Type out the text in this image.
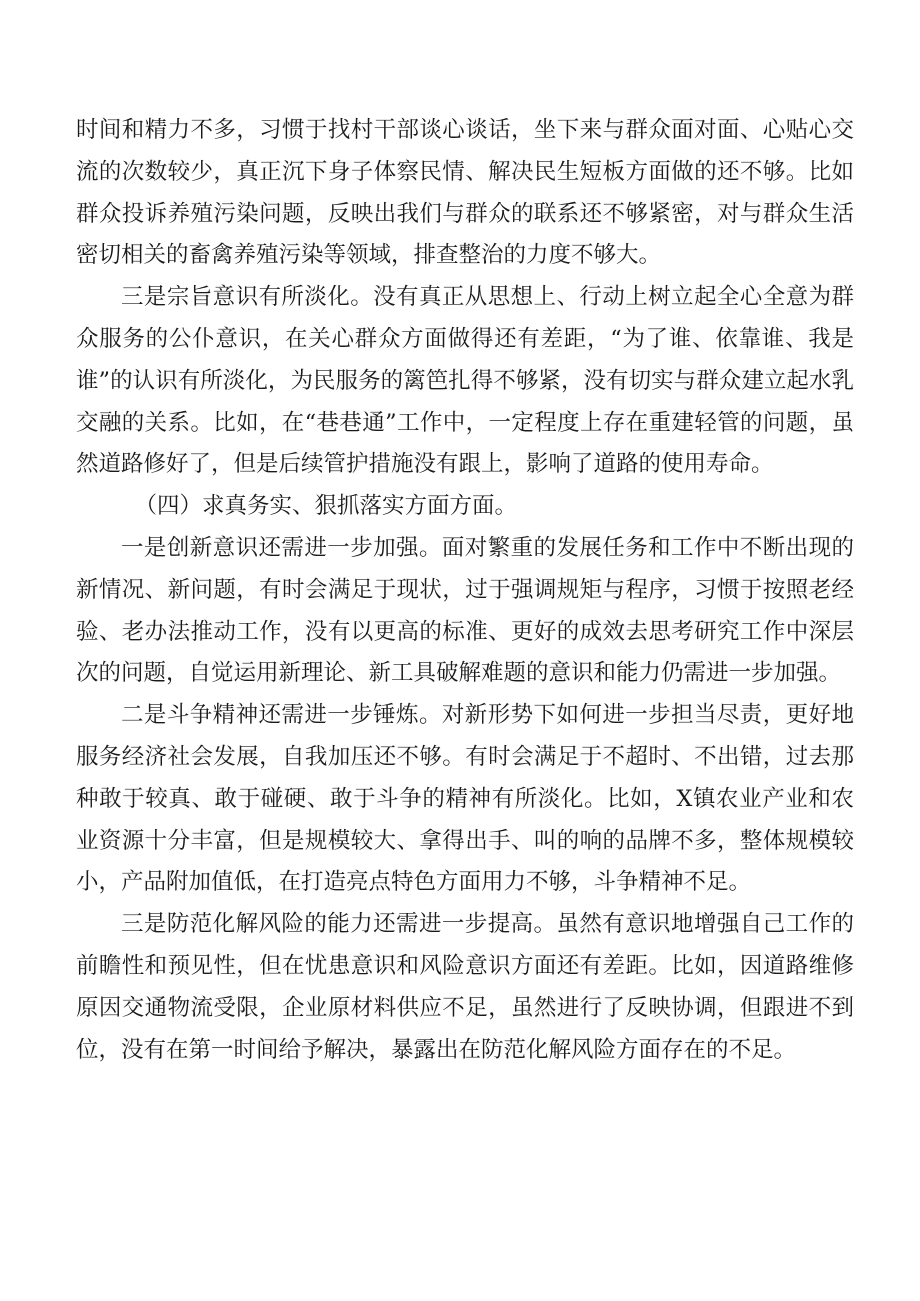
时间和精力不多，习惯于找村干部谈心谈话，坐下来与群众面对面、心贴心交流的次数较少，真正沉下身子体察民情、解决民生短板方面做的还不够。比如群众投诉养殖污染问题，反映出我们与群众的联系还不够紧密，对与群众生活密切相关的畜禽养殖污染等领域，排查整治的力度不够大。

三是宗旨意识有所淡化。没有真正从思想上、行动上树立起全心全意为群众服务的公仆意识，在关心群众方面做得还有差距，“为了谁、依靠谁、我是谁”的认识有所淡化，为民服务的篱笆扎得不够紧，没有切实与群众建立起水乳交融的关系。比如，在“巷巷通”工作中，一定程度上存在重建轻管的问题，虽然道路修好了，但是后续管护措施没有跟上，影响了道路的使用寿命。

（四）求真务实、狠抓落实方面方面。

一是创新意识还需进一步加强。面对繁重的发展任务和工作中不断出现的新情况、新问题，有时会满足于现状，过于强调规矩与程序，习惯于按照老经验、老办法推动工作，没有以更高的标准、更好的成效去思考研究工作中深层次的问题，自觉运用新理论、新工具破解难题的意识和能力仍需进一步加强。

二是斗争精神还需进一步锤炼。对新形势下如何进一步担当尽责，更好地服务经济社会发展，自我加压还不够。有时会满足于不超时、不出错，过去那种敢于较真、敢于碰硬、敢于斗争的精神有所淡化。比如，X镇农业产业和农业资源十分丰富，但是规模较大、拿得出手、叫的响的品牌不多，整体规模较小，产品附加值低，在打造亮点特色方面用力不够，斗争精神不足。

三是防范化解风险的能力还需进一步提高。虽然有意识地增强自己工作的前瞻性和预见性，但在忧患意识和风险意识方面还有差距。比如，因道路维修原因交通物流受限，企业原材料供应不足，虽然进行了反映协调，但跟进不到位，没有在第一时间给予解决，暴露出在防范化解风险方面存在的不足。
